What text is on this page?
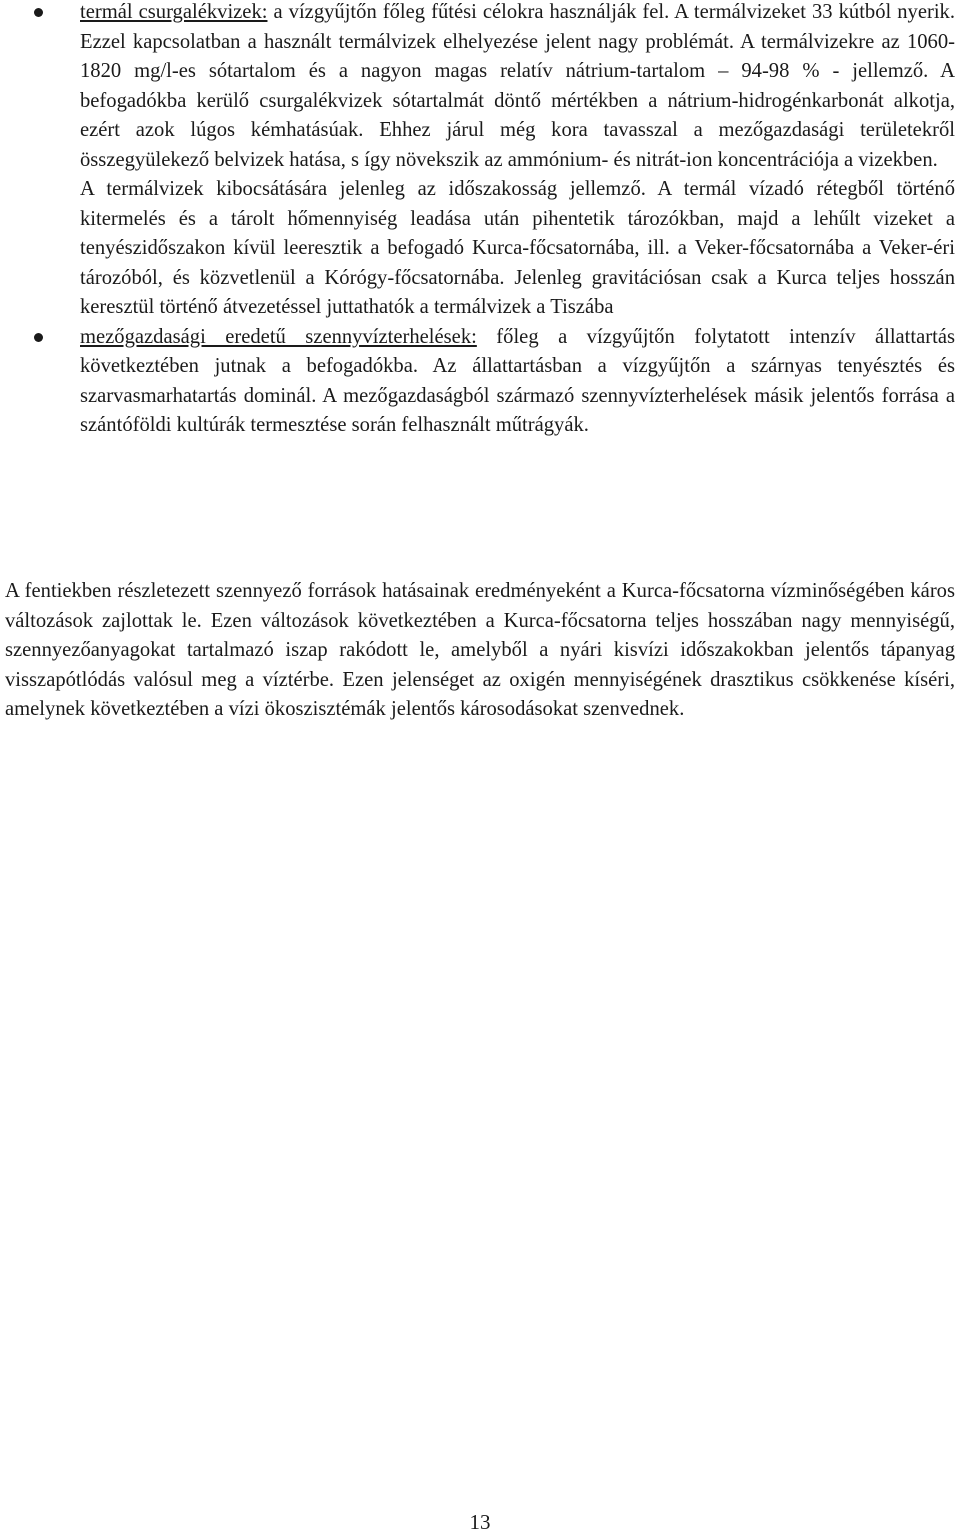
termál csurgalékvizek: a vízgyűjtőn főleg fűtési célokra használják fel. A termálvizeket 33 kútból nyerik. Ezzel kapcsolatban a használt termálvizek elhelyezése jelent nagy problémát. A termálvizekre az 1060-1820 mg/l-es sótartalom és a nagyon magas relatív nátrium-tartalom – 94-98 % - jellemző. A befogadókba kerülő csurgalékvizek sótartalmát döntő mértékben a nátrium-hidrogénkarbonát alkotja, ezért azok lúgos kémhatásúak. Ehhez járul még kora tavasszal a mezőgazdasági területekről összegyülekező belvizek hatása, s így növekszik az ammónium- és nitrát-ion koncentrációja a vizekben.

A termálvizek kibocsátására jelenleg az időszakosság jellemző. A termál vízadó rétegből történő kitermelés és a tárolt hőmennyiség leadása után pihentetik tározókban, majd a lehűlt vizeket a tenyészidőszakon kívül leeresztik a befogadó Kurca-főcsatornába, ill. a Veker-főcsatornába a Veker-éri tározóból, és közvetlenül a Kórógy-főcsatornába. Jelenleg gravitációsan csak a Kurca teljes hosszán keresztül történő átvezetéssel juttathatók a termálvizek a Tiszába

mezőgazdasági eredetű szennyvízterhelések: főleg a vízgyűjtőn folytatott intenzív állattartás következtében jutnak a befogadókba. Az állattartásban a vízgyűjtőn a szárnyas tenyésztés és szarvasmarhatartás dominál. A mezőgazdaságból származó szennyvízterhelések másik jelentős forrása a szántóföldi kultúrák termesztése során felhasznált műtrágyák.

A fentiekben részletezett szennyező források hatásainak eredményeként a Kurca-főcsatorna vízminőségében káros változások zajlottak le. Ezen változások következtében a Kurca-főcsatorna teljes hosszában nagy mennyiségű, szennyezőanyagokat tartalmazó iszap rakódott le, amelyből a nyári kisvízi időszakokban jelentős tápanyag visszapótlódás valósul meg a víztérbe. Ezen jelenséget az oxigén mennyiségének drasztikus csökkenése kíséri, amelynek következtében a vízi ökoszisztémák jelentős károsodásokat szenvednek.

13
